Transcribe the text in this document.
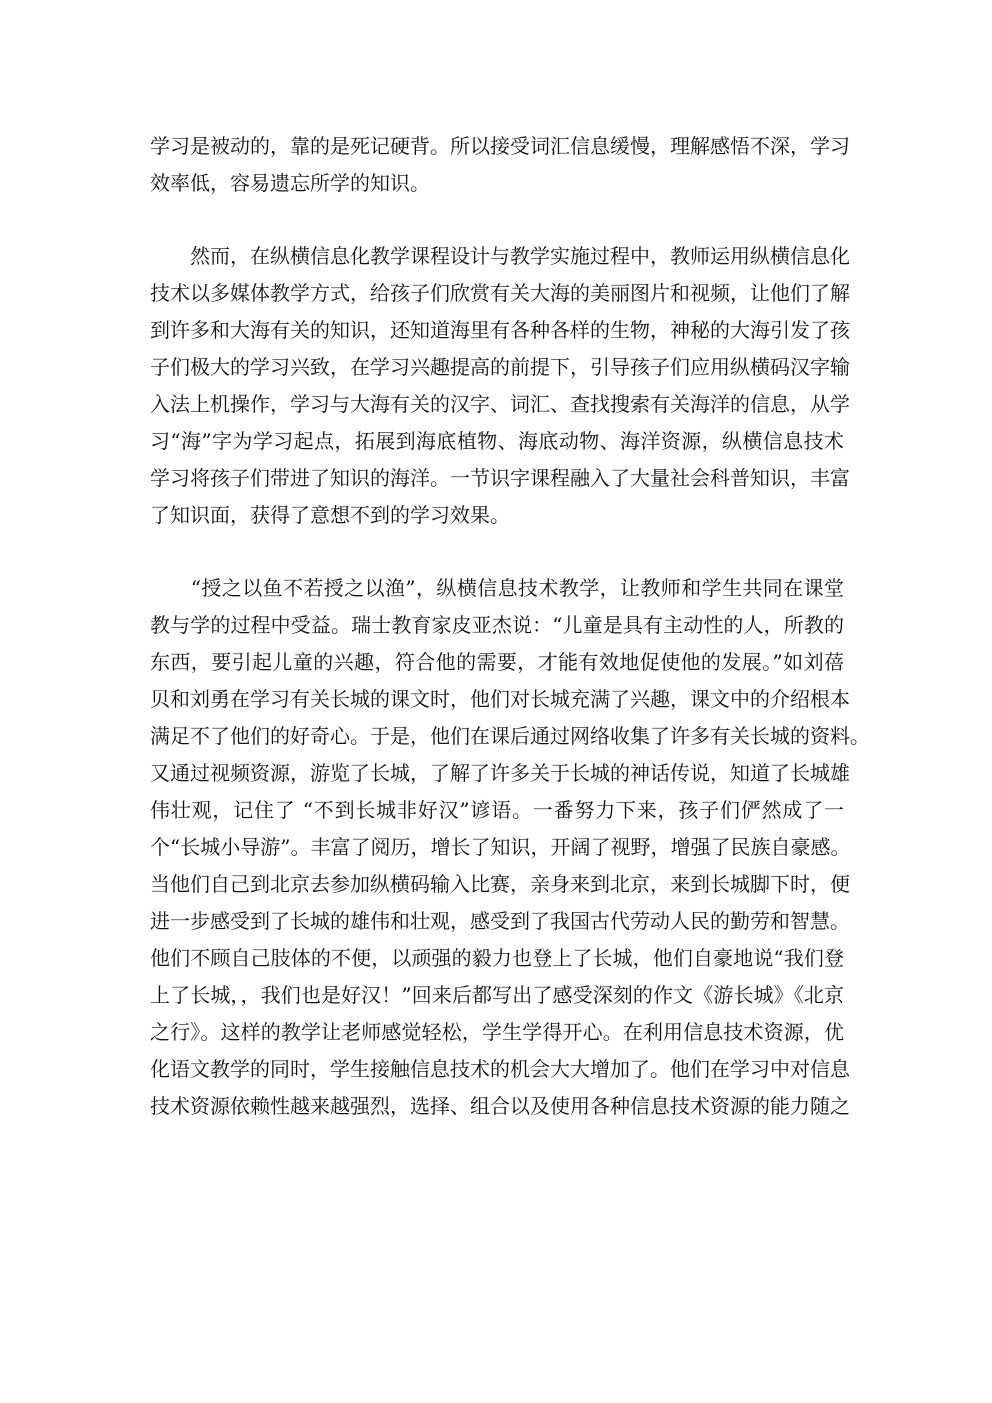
学习是被动的，靠的是死记硬背。所以接受词汇信息缓慢，理解感悟不深，学习
效率低，容易遗忘所学的知识。
　　然而，在纵横信息化教学课程设计与教学实施过程中，教师运用纵横信息化
技术以多媒体教学方式，给孩子们欣赏有关大海的美丽图片和视频，让他们了解
到许多和大海有关的知识，还知道海里有各种各样的生物，神秘的大海引发了孩
子们极大的学习兴致，在学习兴趣提高的前提下，引导孩子们应用纵横码汉字输
入法上机操作，学习与大海有关的汉字、词汇、查找搜索有关海洋的信息，从学
习“海”字为学习起点，拓展到海底植物、海底动物、海洋资源，纵横信息技术
学习将孩子们带进了知识的海洋。一节识字课程融入了大量社会科普知识，丰富
了知识面，获得了意想不到的学习效果。
　　“授之以鱼不若授之以渔”，纵横信息技术教学，让教师和学生共同在课堂
教与学的过程中受益。瑞士教育家皮亚杰说：“儿童是具有主动性的人，所教的
东西，要引起儿童的兴趣，符合他的需要，才能有效地促使他的发展。”如刘蓓
贝和刘勇在学习有关长城的课文时，他们对长城充满了兴趣，课文中的介绍根本
满足不了他们的好奇心。于是，他们在课后通过网络收集了许多有关长城的资料。
又通过视频资源，游览了长城，了解了许多关于长城的神话传说，知道了长城雄
伟壮观，记住了 “不到长城非好汉”谚语。一番努力下来，孩子们俨然成了一
个“长城小导游”。丰富了阅历，增长了知识，开阔了视野，增强了民族自豪感。
当他们自己到北京去参加纵横码输入比赛，亲身来到北京，来到长城脚下时，便
进一步感受到了长城的雄伟和壮观，感受到了我国古代劳动人民的勤劳和智慧。
他们不顾自己肢体的不便，以顽强的毅力也登上了长城，他们自豪地说“我们登
上了长城，，我们也是好汉！”回来后都写出了感受深刻的作文《游长城》《北京
之行》。这样的教学让老师感觉轻松，学生学得开心。在利用信息技术资源，优
化语文教学的同时，学生接触信息技术的机会大大增加了。他们在学习中对信息
技术资源依赖性越来越强烈，选择、组合以及使用各种信息技术资源的能力随之
